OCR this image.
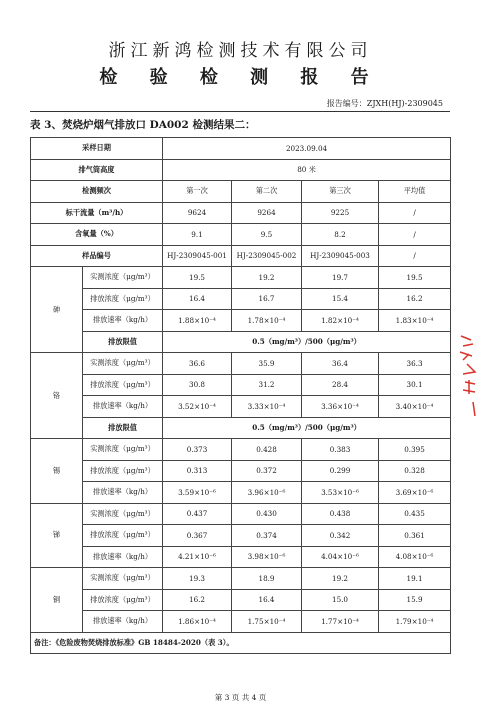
浙江新鸿检测技术有限公司
检 验 检 测 报 告
报告编号：ZJXH(HJ)-2309045
表 3、焚烧炉烟气排放口 DA002 检测结果二：
采样日期		2023.09.04			
排气筒高度		80 米			
检测频次		第一次	第二次	第三次	平均值
标干流量（m³/h）		9624	9264	9225	/
含氧量（%）		9.1	9.5	8.2	/
样品编号		HJ-2309045-001	HJ-2309045-002	HJ-2309045-003	/
砷	实测浓度（μg/m³）	19.5	19.2	19.7	19.5
	排放浓度（μg/m³）	16.4	16.7	15.4	16.2
	排放速率（kg/h）	1.88×10⁻⁴	1.78×10⁻⁴	1.82×10⁻⁴	1.83×10⁻⁴
	排放限值	0.5（mg/m³）/500（μg/m³）			
铬	实测浓度（μg/m³）	36.6	35.9	36.4	36.3
	排放浓度（μg/m³）	30.8	31.2	28.4	30.1
	排放速率（kg/h）	3.52×10⁻⁴	3.33×10⁻⁴	3.36×10⁻⁴	3.40×10⁻⁴
	排放限值	0.5（mg/m³）/500（μg/m³）			
锡	实测浓度（μg/m³）	0.373	0.428	0.383	0.395
	排放浓度（μg/m³）	0.313	0.372	0.299	0.328
	排放速率（kg/h）	3.59×10⁻⁶	3.96×10⁻⁶	3.53×10⁻⁶	3.69×10⁻⁶
锑	实测浓度（μg/m³）	0.437	0.430	0.438	0.435
	排放浓度（μg/m³）	0.367	0.374	0.342	0.361
	排放速率（kg/h）	4.21×10⁻⁶	3.98×10⁻⁶	4.04×10⁻⁶	4.08×10⁻⁶
铜	实测浓度（μg/m³）	19.3	18.9	19.2	19.1
	排放浓度（μg/m³）	16.2	16.4	15.0	15.9
	排放速率（kg/h）	1.86×10⁻⁴	1.75×10⁻⁴	1.77×10⁻⁴	1.79×10⁻⁴
备注：《危险废物焚烧排放标准》GB 18484-2020（表 3）。					
第 3 页 共 4 页
